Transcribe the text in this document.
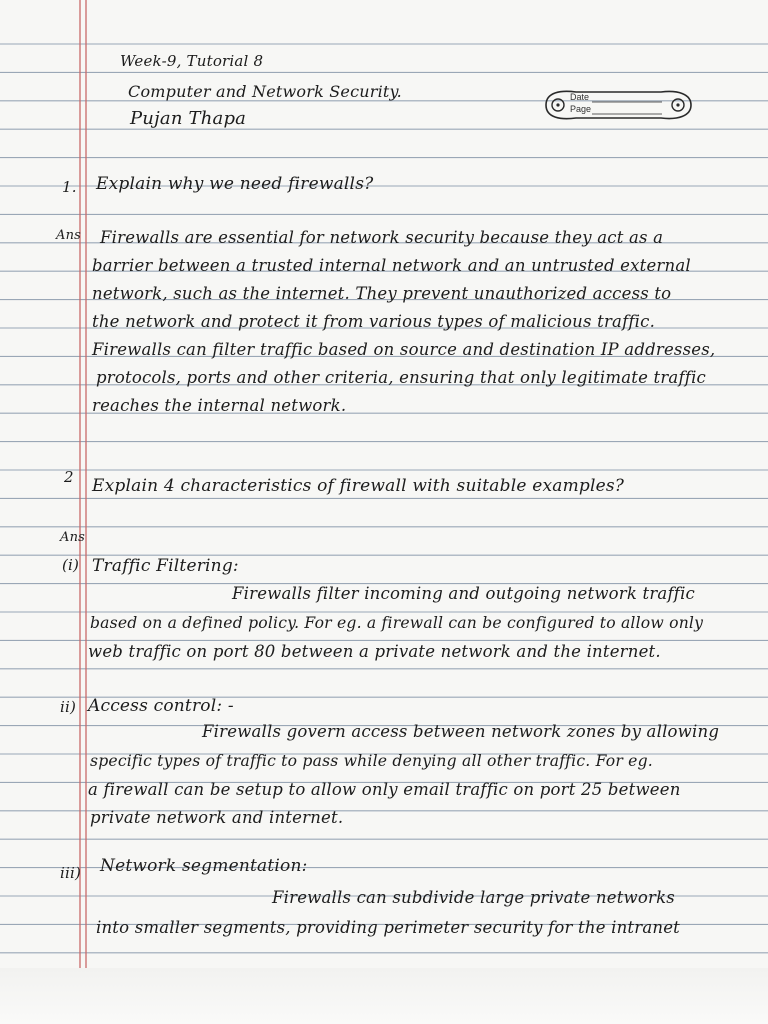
Week-9, Tutorial 8
Computer and Network Security.
Pujan Thapa
Date
Page
1. Explain why we need firewalls?
Ans Firewalls are essential for network security because they act as a
barrier between a trusted internal network and an untrusted external
network, such as the internet. They prevent unauthorized access to
the network and protect it from various types of malicious traffic.
Firewalls can filter traffic based on source and destination IP addresses,
protocols, ports and other criteria, ensuring that only legitimate traffic
reaches the internal network.
2 Explain 4 characteristics of firewall with suitable examples?
Ans
(i) Traffic Filtering:
Firewalls filter incoming and outgoing network traffic
based on a defined policy. For eg. a firewall can be configured to allow only
web traffic on port 80 between a private network and the internet.
ii) Access control: -
Firewalls govern access between network zones by allowing
specific types of traffic to pass while denying all other traffic. For eg.
a firewall can be setup to allow only email traffic on port 25 between
private network and internet.
iii) Network segmentation:
Firewalls can subdivide large private networks
into smaller segments, providing perimeter security for the intranet
